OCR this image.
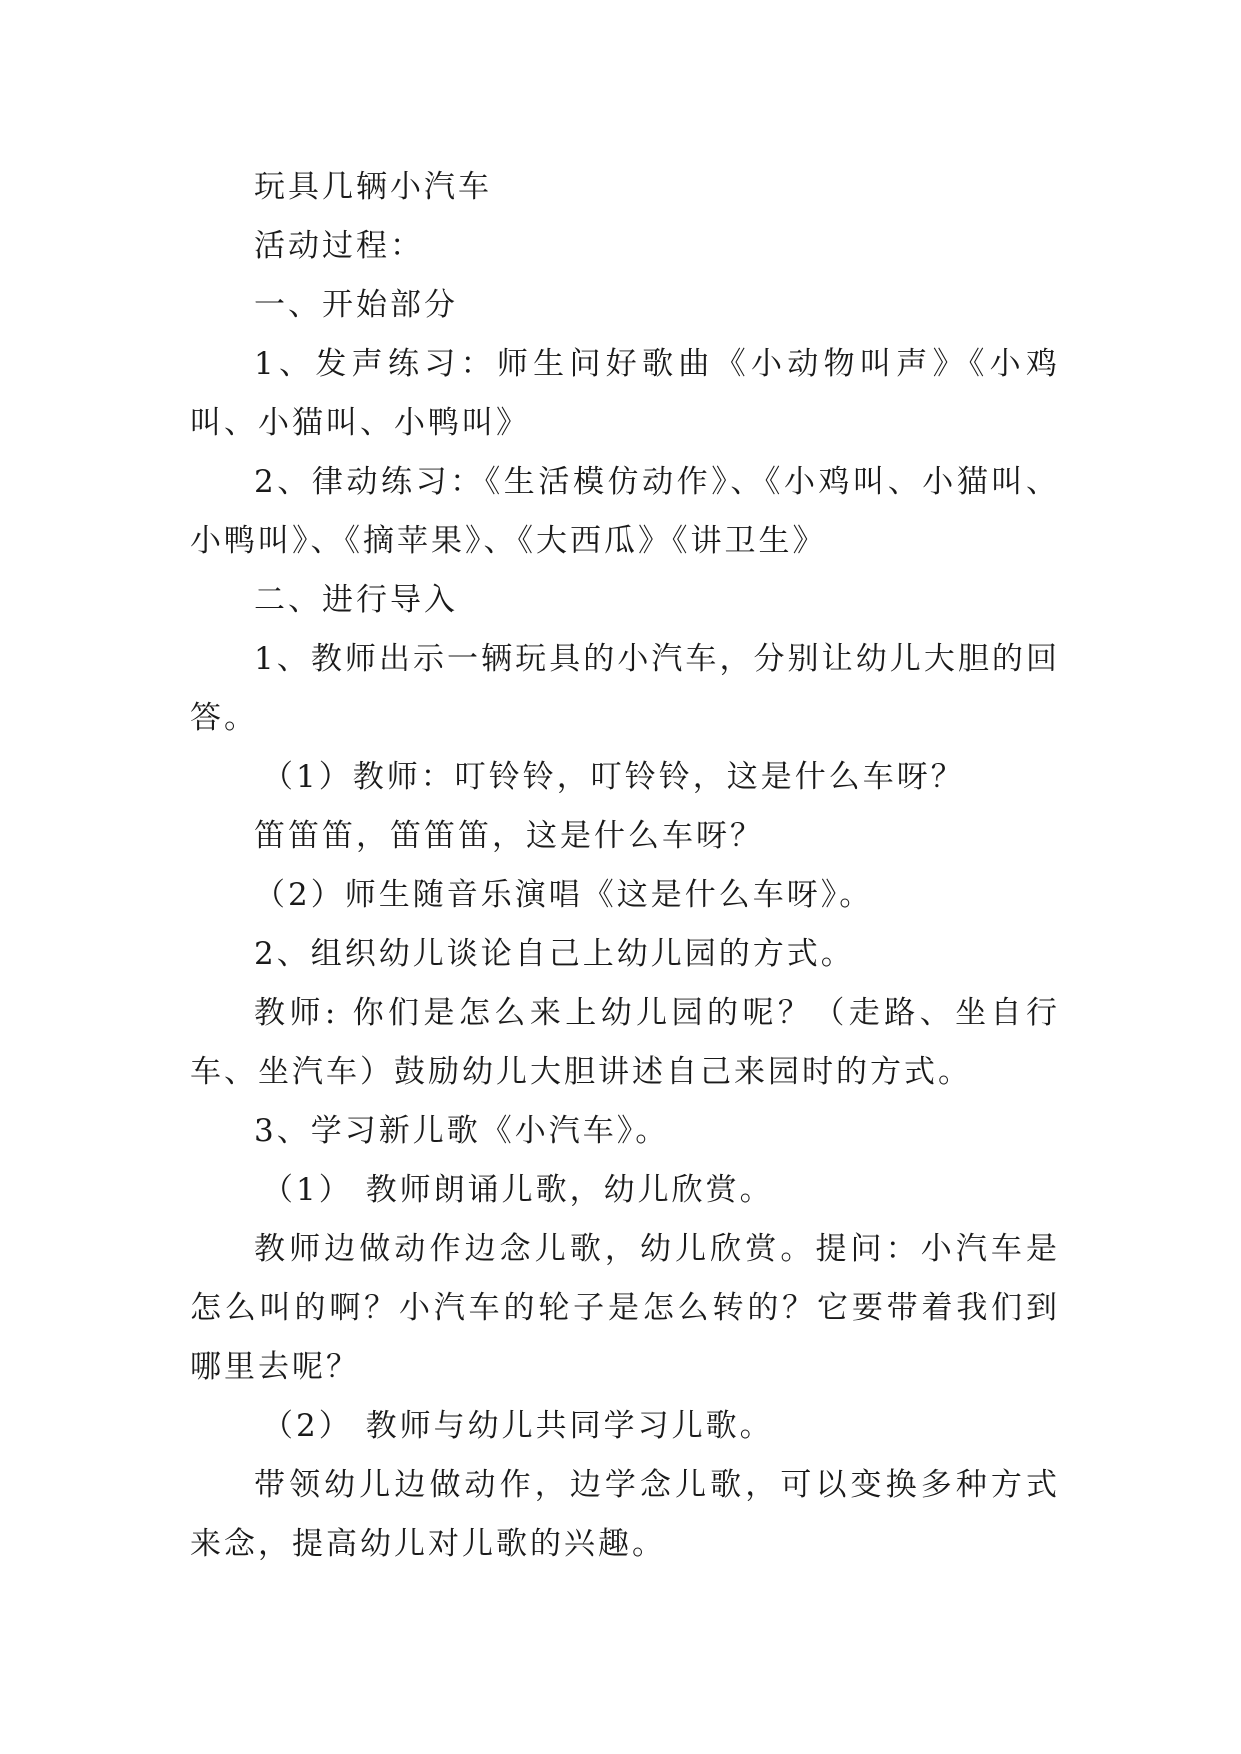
玩具几辆小汽车

活动过程：

一、开始部分

1、发声练习：师生问好歌曲《小动物叫声》《小鸡叫、小猫叫、小鸭叫》

2、律动练习：《生活模仿动作》、《小鸡叫、小猫叫、小鸭叫》、《摘苹果》、《大西瓜》《讲卫生》

二、进行导入

1、教师出示一辆玩具的小汽车，分别让幼儿大胆的回答。

（1）教师：叮铃铃，叮铃铃，这是什么车呀？

笛笛笛，笛笛笛，这是什么车呀？

（2）师生随音乐演唱《这是什么车呀》。

2、组织幼儿谈论自己上幼儿园的方式。

教师: 你们是怎么来上幼儿园的呢？（走路、坐自行车、坐汽车）鼓励幼儿大胆讲述自己来园时的方式。

3、学习新儿歌《小汽车》。

（1） 教师朗诵儿歌，幼儿欣赏。

教师边做动作边念儿歌，幼儿欣赏。提问：小汽车是怎么叫的啊？小汽车的轮子是怎么转的？它要带着我们到哪里去呢？

（2） 教师与幼儿共同学习儿歌。

带领幼儿边做动作，边学念儿歌，可以变换多种方式来念，提高幼儿对儿歌的兴趣。
